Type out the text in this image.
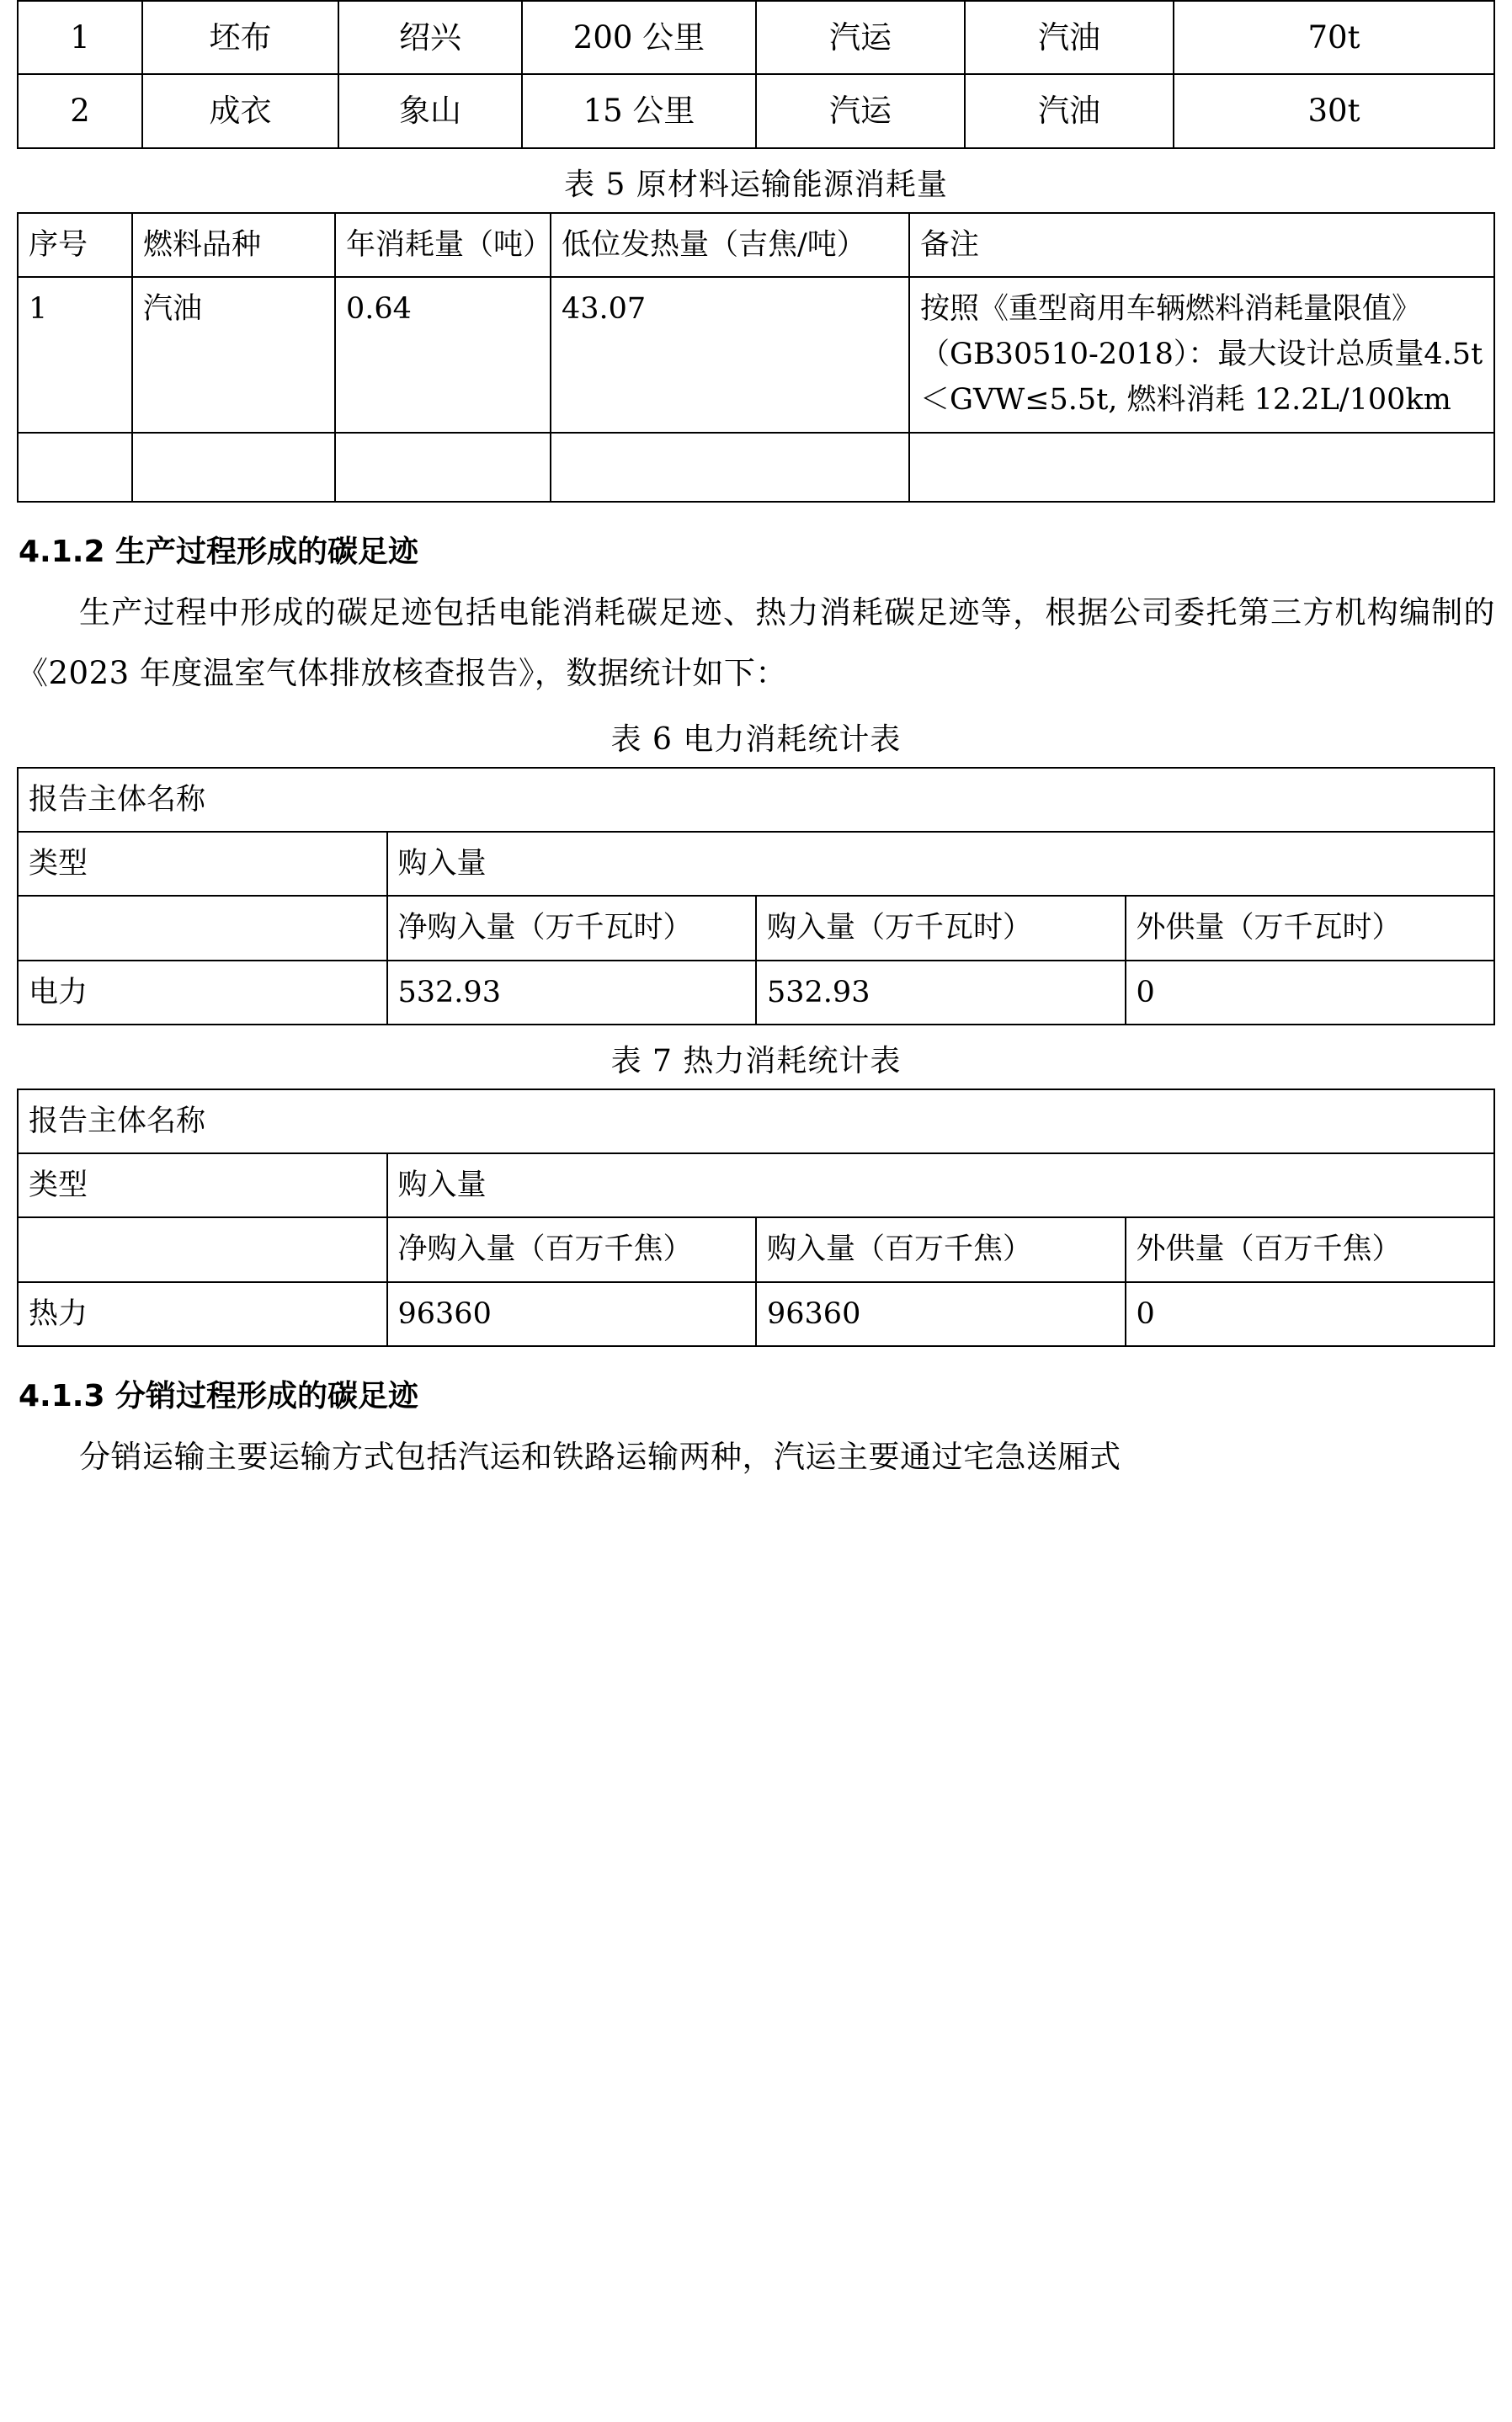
1	坯布	绍兴	200 公里	汽运	汽油	70t
2	成衣	象山	15 公里	汽运	汽油	30t
表 5 原材料运输能源消耗量
序号	燃料品种	年消耗量（吨）	低位发热量（吉焦/吨）	备注
1	汽油	0.64	43.07	按照《重型商用车辆燃料消耗量限值》（GB30510-2018）：最大设计总质量4.5t＜GVW≤5.5t, 燃料消耗 12.2L/100km

4.1.2 生产过程形成的碳足迹

生产过程中形成的碳足迹包括电能消耗碳足迹、热力消耗碳足迹等，根据公司委托第三方机构编制的《2023 年度温室气体排放核查报告》，数据统计如下：

表 6 电力消耗统计表
报告主体名称			
类型	购入量		
	净购入量（万千瓦时）	购入量（万千瓦时）	外供量（万千瓦时）
电力	532.93	532.93	0
表 7 热力消耗统计表
报告主体名称			
类型	购入量		
	净购入量（百万千焦）	购入量（百万千焦）	外供量（百万千焦）
热力	96360	96360	0
4.1.3 分销过程形成的碳足迹

分销运输主要运输方式包括汽运和铁路运输两种，汽运主要通过宅急送厢式
